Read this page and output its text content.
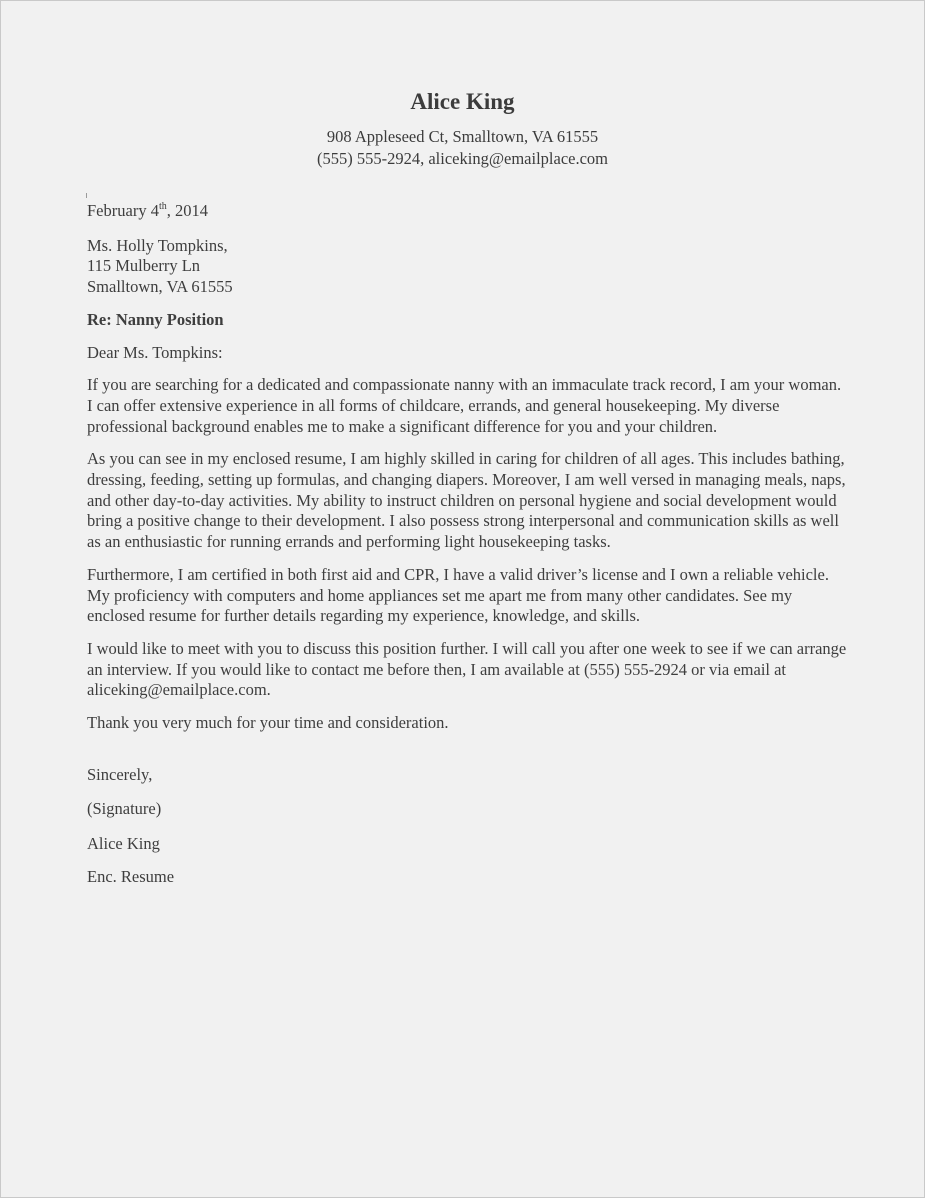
Alice King

908 Appleseed Ct, Smalltown, VA 61555

(555) 555-2924, aliceking@emailplace.com

February 4th, 2014

Ms. Holly Tompkins,

115 Mulberry Ln

Smalltown, VA 61555

Re: Nanny Position

Dear Ms. Tompkins:

If you are searching for a dedicated and compassionate nanny with an immaculate track record, I am your woman. I can offer extensive experience in all forms of childcare, errands, and general housekeeping. My diverse professional background enables me to make a significant difference for you and your children.

As you can see in my enclosed resume, I am highly skilled in caring for children of all ages. This includes bathing, dressing, feeding, setting up formulas, and changing diapers. Moreover, I am well versed in managing meals, naps, and other day-to-day activities. My ability to instruct children on personal hygiene and social development would bring a positive change to their development. I also possess strong interpersonal and communication skills as well as an enthusiastic for running errands and performing light housekeeping tasks.

Furthermore, I am certified in both first aid and CPR, I have a valid driver’s license and I own a reliable vehicle. My proficiency with computers and home appliances set me apart me from many other candidates. See my enclosed resume for further details regarding my experience, knowledge, and skills.

I would like to meet with you to discuss this position further. I will call you after one week to see if we can arrange an interview. If you would like to contact me before then, I am available at (555) 555-2924 or via email at aliceking@emailplace.com.

Thank you very much for your time and consideration.

Sincerely,

(Signature)

Alice King

Enc. Resume
